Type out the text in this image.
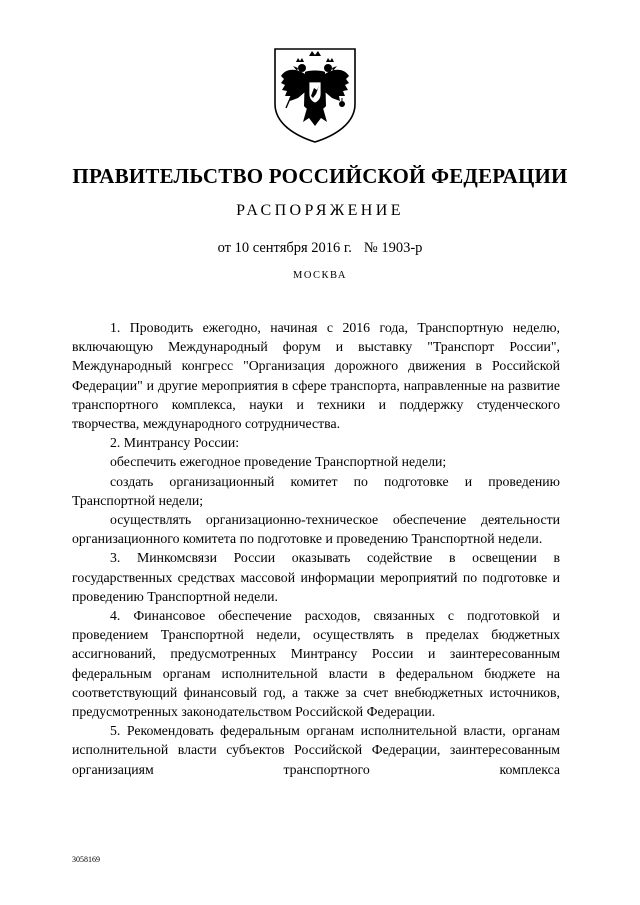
ПРАВИТЕЛЬСТВО РОССИЙСКОЙ ФЕДЕРАЦИИ
РАСПОРЯЖЕНИЕ
от 10 сентября 2016 г. № 1903-р
МОСКВА

1. Проводить ежегодно, начиная с 2016 года, Транспортную неделю, включающую Международный форум и выставку "Транспорт России", Международный конгресс "Организация дорожного движения в Российской Федерации" и другие мероприятия в сфере транспорта, направленные на развитие транспортного комплекса, науки и техники и поддержку студенческого творчества, международного сотрудничества.

2. Минтрансу России:

обеспечить ежегодное проведение Транспортной недели;

создать организационный комитет по подготовке и проведению Транспортной недели;

осуществлять организационно-техническое обеспечение деятельности организационного комитета по подготовке и проведению Транспортной недели.

3. Минкомсвязи России оказывать содействие в освещении в государственных средствах массовой информации мероприятий по подготовке и проведению Транспортной недели.

4. Финансовое обеспечение расходов, связанных с подготовкой и проведением Транспортной недели, осуществлять в пределах бюджетных ассигнований, предусмотренных Минтрансу России и заинтересованным федеральным органам исполнительной власти в федеральном бюджете на соответствующий финансовый год, а также за счет внебюджетных источников, предусмотренных законодательством Российской Федерации.

5. Рекомендовать федеральным органам исполнительной власти, органам исполнительной власти субъектов Российской Федерации, заинтересованным организациям транспортного комплекса

3058169
